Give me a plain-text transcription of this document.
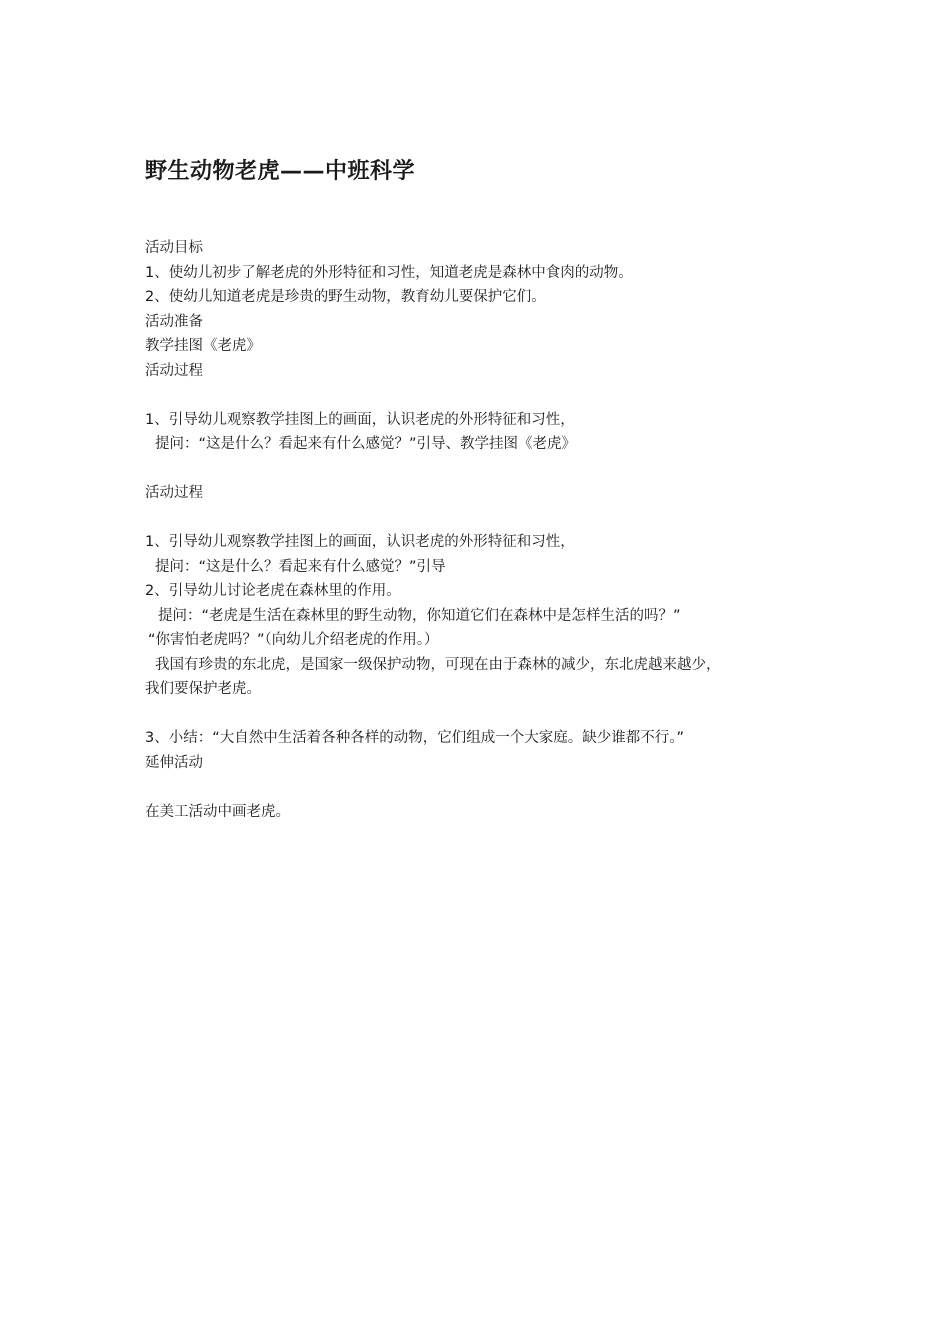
野生动物老虎——中班科学
活动目标
1、使幼儿初步了解老虎的外形特征和习性，知道老虎是森林中食肉的动物。
2、使幼儿知道老虎是珍贵的野生动物，教育幼儿要保护它们。
活动准备
教学挂图《老虎》
活动过程
1、引导幼儿观察教学挂图上的画面，认识老虎的外形特征和习性，
提问：“这是什么？看起来有什么感觉？”引导、教学挂图《老虎》
活动过程
1、引导幼儿观察教学挂图上的画面，认识老虎的外形特征和习性，
提问：“这是什么？看起来有什么感觉？”引导
2、引导幼儿讨论老虎在森林里的作用。
提问：“老虎是生活在森林里的野生动物，你知道它们在森林中是怎样生活的吗？”
“你害怕老虎吗？”（向幼儿介绍老虎的作用。）
我国有珍贵的东北虎，是国家一级保护动物，可现在由于森林的减少，东北虎越来越少，
我们要保护老虎。
3、小结：“大自然中生活着各种各样的动物，它们组成一个大家庭。缺少谁都不行。”
延伸活动
在美工活动中画老虎。
